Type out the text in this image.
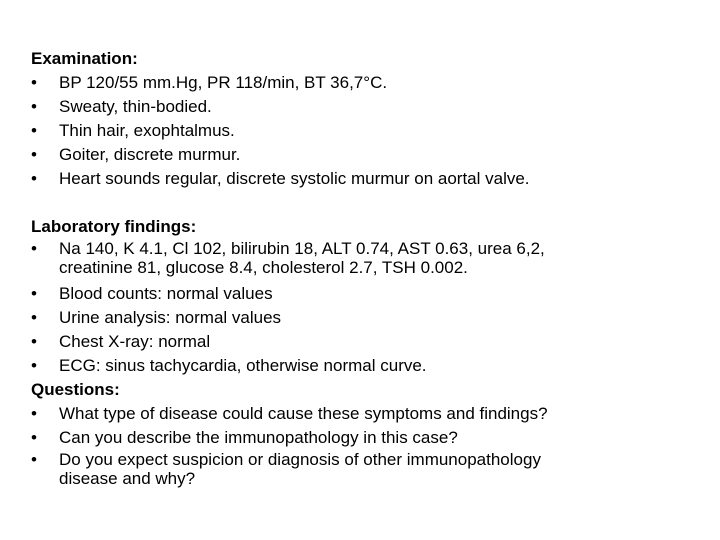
Examination:
•	BP 120/55 mm.Hg, PR 118/min, BT 36,7°C.
•	Sweaty, thin-bodied.
•	Thin hair, exophtalmus.
•	Goiter, discrete murmur.
•	Heart sounds regular, discrete systolic murmur on aortal valve.
Laboratory findings:
•	Na 140, K 4.1, Cl 102, bilirubin 18, ALT 0.74, AST 0.63, urea 6,2,
creatinine 81, glucose 8.4, cholesterol 2.7, TSH 0.002.
•	Blood counts: normal values
•	Urine analysis: normal values
•	Chest X-ray: normal
•	ECG: sinus tachycardia, otherwise normal curve.
Questions:
•	What type of disease could cause these symptoms and findings?
•	Can you describe the immunopathology in this case?
•	Do you expect suspicion or diagnosis of other immunopathology
disease and why?
